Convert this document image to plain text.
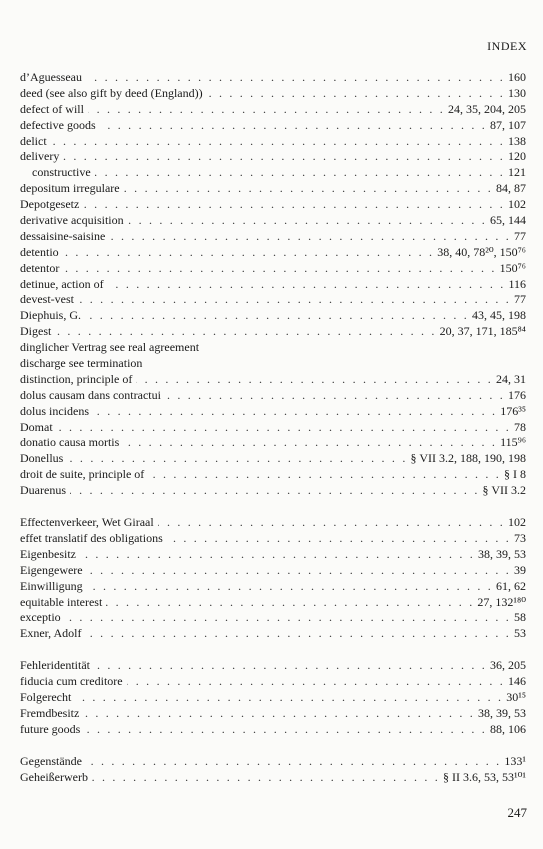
INDEX
d’Aguesseau . . .	160
deed (see also gift by deed (England)) . . .	130
defect of will . . .	24, 35, 204, 205
defective goods . . .	87, 107
delict . . .	138
delivery . . .	120
constructive . . .	121
depositum irregulare . . .	84, 87
Depotgesetz . . .	102
derivative acquisition . . .	65, 144
dessaisine-saisine . . .	77
detentio . . .	38, 40, 78²⁰, 150⁷⁶
detentor . . .	150⁷⁶
detinue, action of . . .	116
devest-vest . . .	77
Diephuis, G. . . .	43, 45, 198
Digest . . .	20, 37, 171, 185⁸⁴
dinglicher Vertrag see real agreement
discharge see termination
distinction, principle of . . .	24, 31
dolus causam dans contractui . . .	176
dolus incidens . . .	176³⁵
Domat . . .	78
donatio causa mortis . . .	115⁹⁶
Donellus . . .	§ VII 3.2, 188, 190, 198
droit de suite, principle of . . .	§ I 8
Duarenus . . .	§ VII 3.2
Effectenverkeer, Wet Giraal . . .	102
effet translatif des obligations . . .	73
Eigenbesitz . . .	38, 39, 53
Eigengewere . . .	39
Einwilligung . . .	61, 62
equitable interest . . .	27, 132¹⁸⁰
exceptio . . .	58
Exner, Adolf . . .	53
Fehleridentität . . .	36, 205
fiducia cum creditore . . .	146
Folgerecht . . .	30¹⁵
Fremdbesitz . . .	38, 39, 53
future goods . . .	88, 106
Gegenstände . . .	133¹
Geheißerwerb . . .	§ II 3.6, 53, 53¹⁰¹
247
